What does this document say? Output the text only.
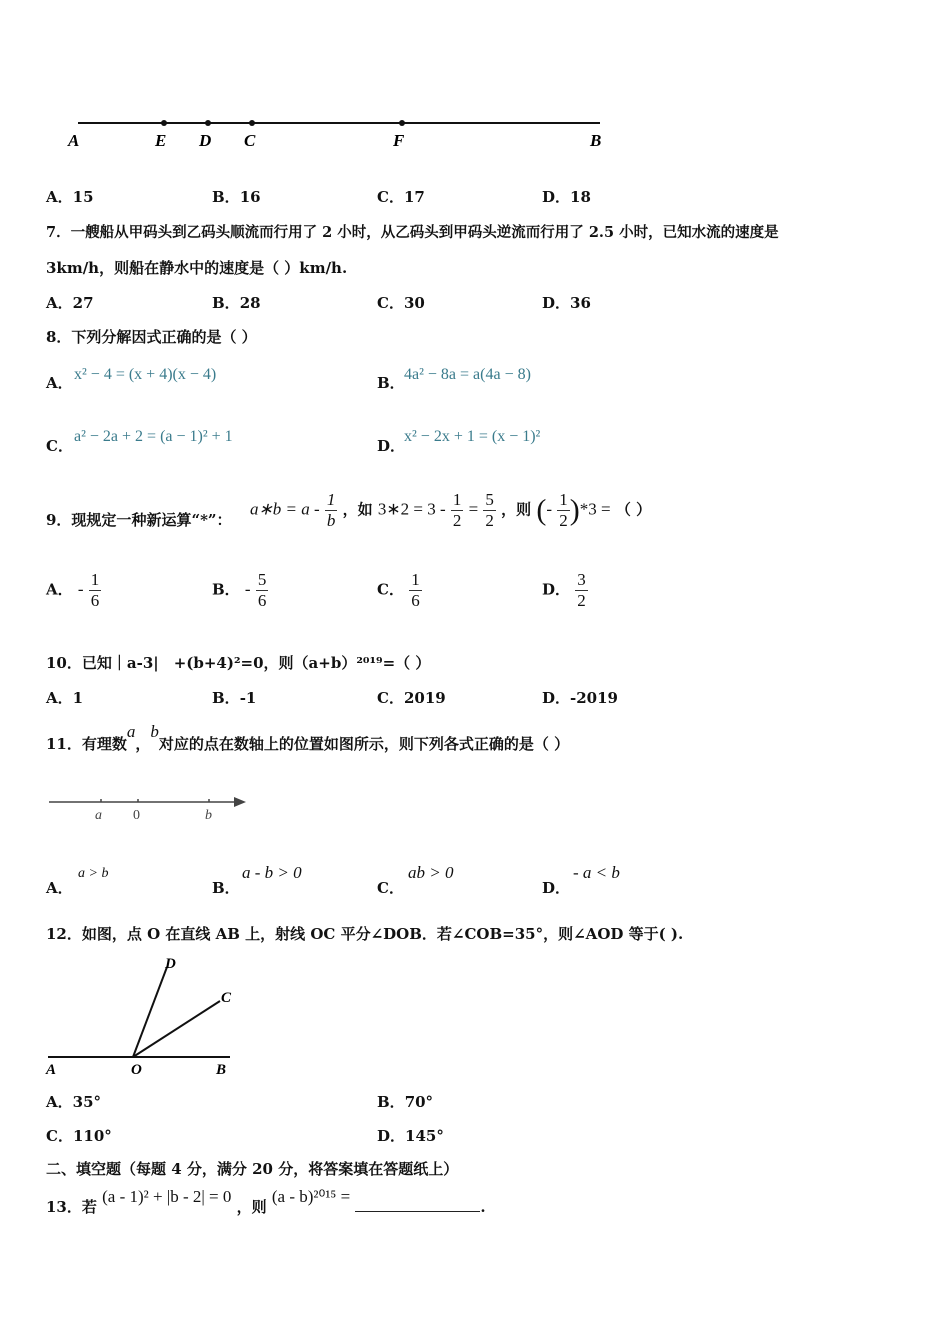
A	E D C	F	B
A．15	B．16	C．17	D．18
7．一艘船从甲码头到乙码头顺流而行用了 2 小时，从乙码头到甲码头逆流而行用了 2.5 小时，已知水流的速度是
3km/h，则船在静水中的速度是（ ）km/h.
A．27	B．28	C．30	D．36
8．下列分解因式正确的是（ ）
A． x² − 4 = (x + 4)(x − 4)	B． 4a² − 8a = a(4a − 8)
C．
a² − 2a + 2 = (a − 1)² + 1
D．
x² − 2x + 1 = (x − 1)²
9．现规定一种新运算“*”：
a∗b = a - $\frac{1}{b}$ ，如 3∗2 = $3 - \frac{1}{2} = \frac{5}{2}$ ，则 (- $\frac{1}{2} )*3$ = （ ）
A． - $\frac{1}{6}$	B． - $\frac{5}{6}$	C． $\frac{1}{6}$	D． $\frac{3}{2}$
10．已知｜a-3|　+(b+4)²=0，则（a+b）²⁰¹⁹=（ ）
A．1	B．-1	C．2019	D．-2019
11．有理数a，b对应的点在数轴上的位置如图所示，则下列各式正确的是（ ）
a 0	b
A．
a > b
B．
a - b > 0
C．
ab > 0
D．
- a < b
12．如图，点 O 在直线 AB 上，射线 OC 平分∠DOB．若∠COB=35°，则∠AOD 等于( ).
D
C
A	O	B
A．35°	B．70°
C．110°	D．145°
二、填空题（每题 4 分，满分 20 分，将答案填在答题纸上）
13．若 (a - 1)² + |b - 2| = 0 ，则 (a - b)²⁰¹⁵ = .
